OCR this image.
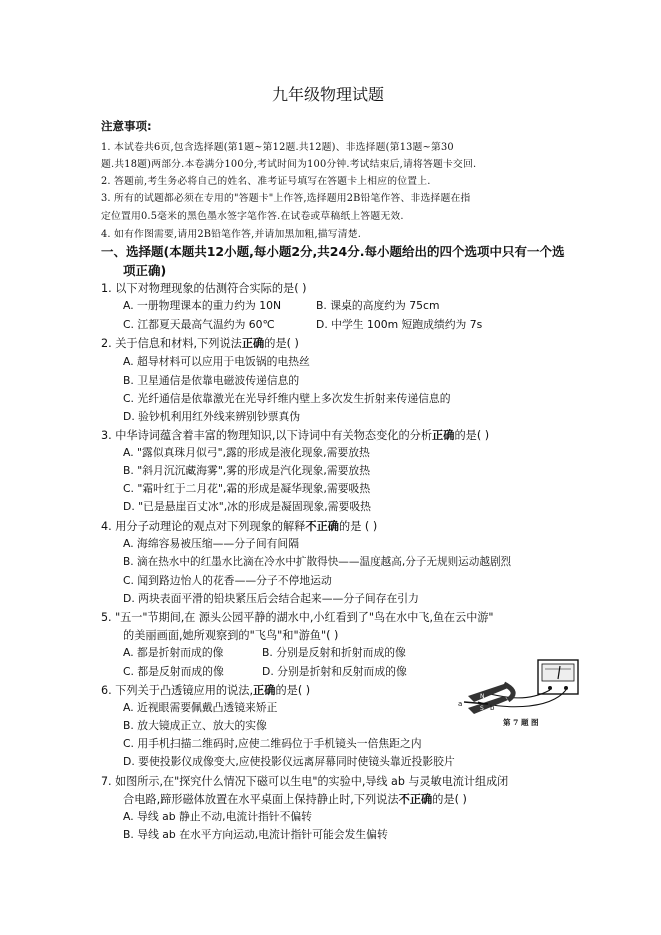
九年级物理试题
注意事项:
1. 本试卷共6页,包含选择题(第1题~第12题.共12题)、非选择题(第13题~第30
题.共18题)两部分.本卷满分100分,考试时间为100分钟.考试结束后,请将答题卡交回.
2. 答题前,考生务必将自己的姓名、准考证号填写在答题卡上相应的位置上.
3. 所有的试题都必须在专用的"答题卡"上作答,选择题用2B铅笔作答、非选择题在指
定位置用0.5毫米的黑色墨水签字笔作答.在试卷或草稿纸上答题无效.
4. 如有作图需要,请用2B铅笔作答,并请加黑加粗,描写清楚.
一、选择题(本题共12小题,每小题2分,共24分.每小题给出的四个选项中只有一个选
项正确)
1. 以下对物理现象的估测符合实际的是( )
A. 一册物理课本的重力约为 10N	B. 课桌的高度约为 75cm
C. 江都夏天最高气温约为 60℃	D. 中学生 100m 短跑成绩约为 7s
2. 关于信息和材料,下列说法正确的是( )
A. 超导材料可以应用于电饭锅的电热丝
B. 卫星通信是依靠电磁波传递信息的
C. 光纤通信是依靠激光在光导纤维内壁上多次发生折射来传递信息的
D. 验钞机利用红外线来辨别钞票真伪
3. 中华诗词蕴含着丰富的物理知识,以下诗词中有关物态变化的分析正确的是( )
A. "露似真珠月似弓",露的形成是液化现象,需要放热
B. "斜月沉沉藏海雾",雾的形成是汽化现象,需要放热
C. "霜叶红于二月花",霜的形成是凝华现象,需要吸热
D. "已是悬崖百丈冰",冰的形成是凝固现象,需要吸热
4. 用分子动理论的观点对下列现象的解释不正确的是 ( )
A. 海绵容易被压缩——分子间有间隔
B. 滴在热水中的红墨水比滴在冷水中扩散得快——温度越高,分子无规则运动越剧烈
C. 闻到路边怡人的花香——分子不停地运动
D. 两块表面平滑的铅块紧压后会结合起来——分子间存在引力
5. "五一"节期间,在 源头公园平静的湖水中,小红看到了"鸟在水中飞,鱼在云中游"
的美丽画面,她所观察到的"飞鸟"和"游鱼"( )
A. 都是折射而成的像	B. 分别是反射和折射而成的像
C. 都是反射而成的像	D. 分别是折射和反射而成的像
6. 下列关于凸透镜应用的说法,正确的是( )
A. 近视眼需要佩戴凸透镜来矫正
B. 放大镜成正立、放大的实像
C. 用手机扫描二维码时,应使二维码位于手机镜头一倍焦距之内
D. 要使投影仪成像变大,应使投影仪远离屏幕同时使镜头靠近投影胶片
N
S
a	b
第 7 题 图
7. 如图所示,在"探究什么情况下磁可以生电"的实验中,导线 ab 与灵敏电流计组成闭
合电路,蹄形磁体放置在水平桌面上保持静止时,下列说法不正确的是( )
A. 导线 ab 静止不动,电流计指针不偏转
B. 导线 ab 在水平方向运动,电流计指针可能会发生偏转
